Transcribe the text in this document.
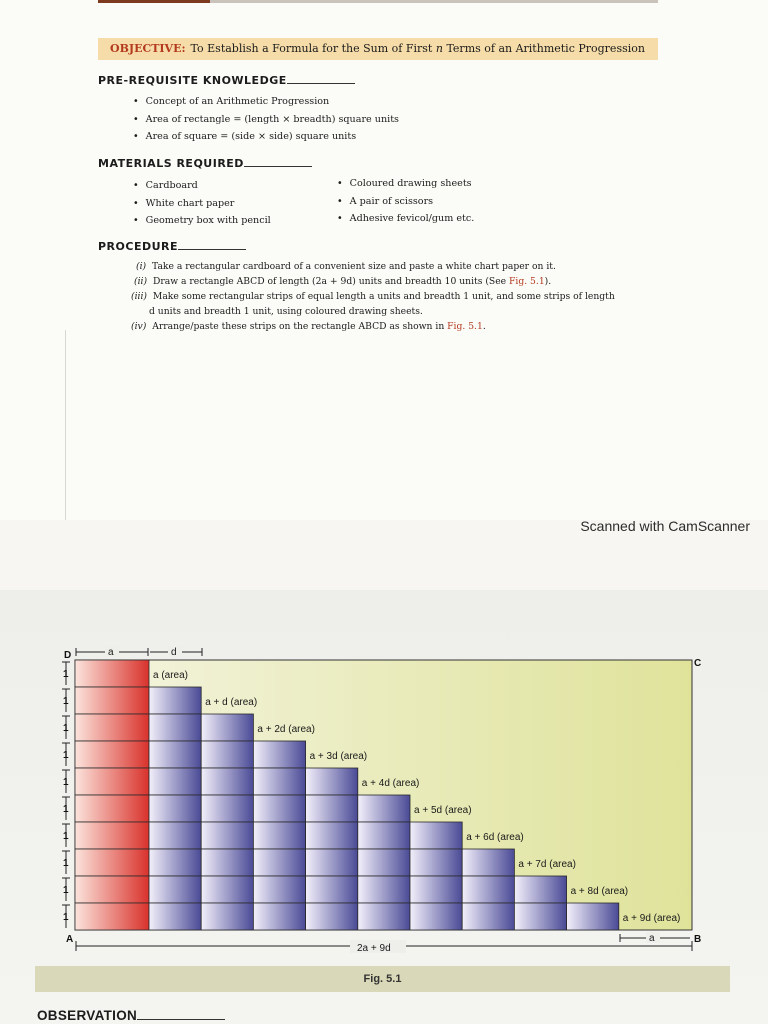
OBJECTIVE: To Establish a Formula for the Sum of First n Terms of an Arithmetic Progression
PRE-REQUISITE KNOWLEDGE
• Concept of an Arithmetic Progression
• Area of rectangle = (length × breadth) square units
• Area of square = (side × side) square units
MATERIALS REQUIRED
• Cardboard
• White chart paper
• Geometry box with pencil
• Coloured drawing sheets
• A pair of scissors
• Adhesive fevicol/gum etc.
PROCEDURE
(i) Take a rectangular cardboard of a convenient size and paste a white chart paper on it.
(ii) Draw a rectangle ABCD of length (2a + 9d) units and breadth 10 units (See Fig. 5.1).
(iii) Make some rectangular strips of equal length a units and breadth 1 unit, and some strips of length
d units and breadth 1 unit, using coloured drawing sheets.
(iv) Arrange/paste these strips on the rectangle ABCD as shown in Fig. 5.1.
Scanned with CamScanner
a (area)
a + d (area)
a + 2d (area)
a + 3d (area)
a + 4d (area)
a + 5d (area)
a + 6d (area)
a + 7d (area)
a + 8d (area)
a + 9d (area)
1
1
1
1
1
1
1
1
1
1
D
C
A	B
a	d
2a + 9d
a
Fig. 5.1
OBSERVATION
